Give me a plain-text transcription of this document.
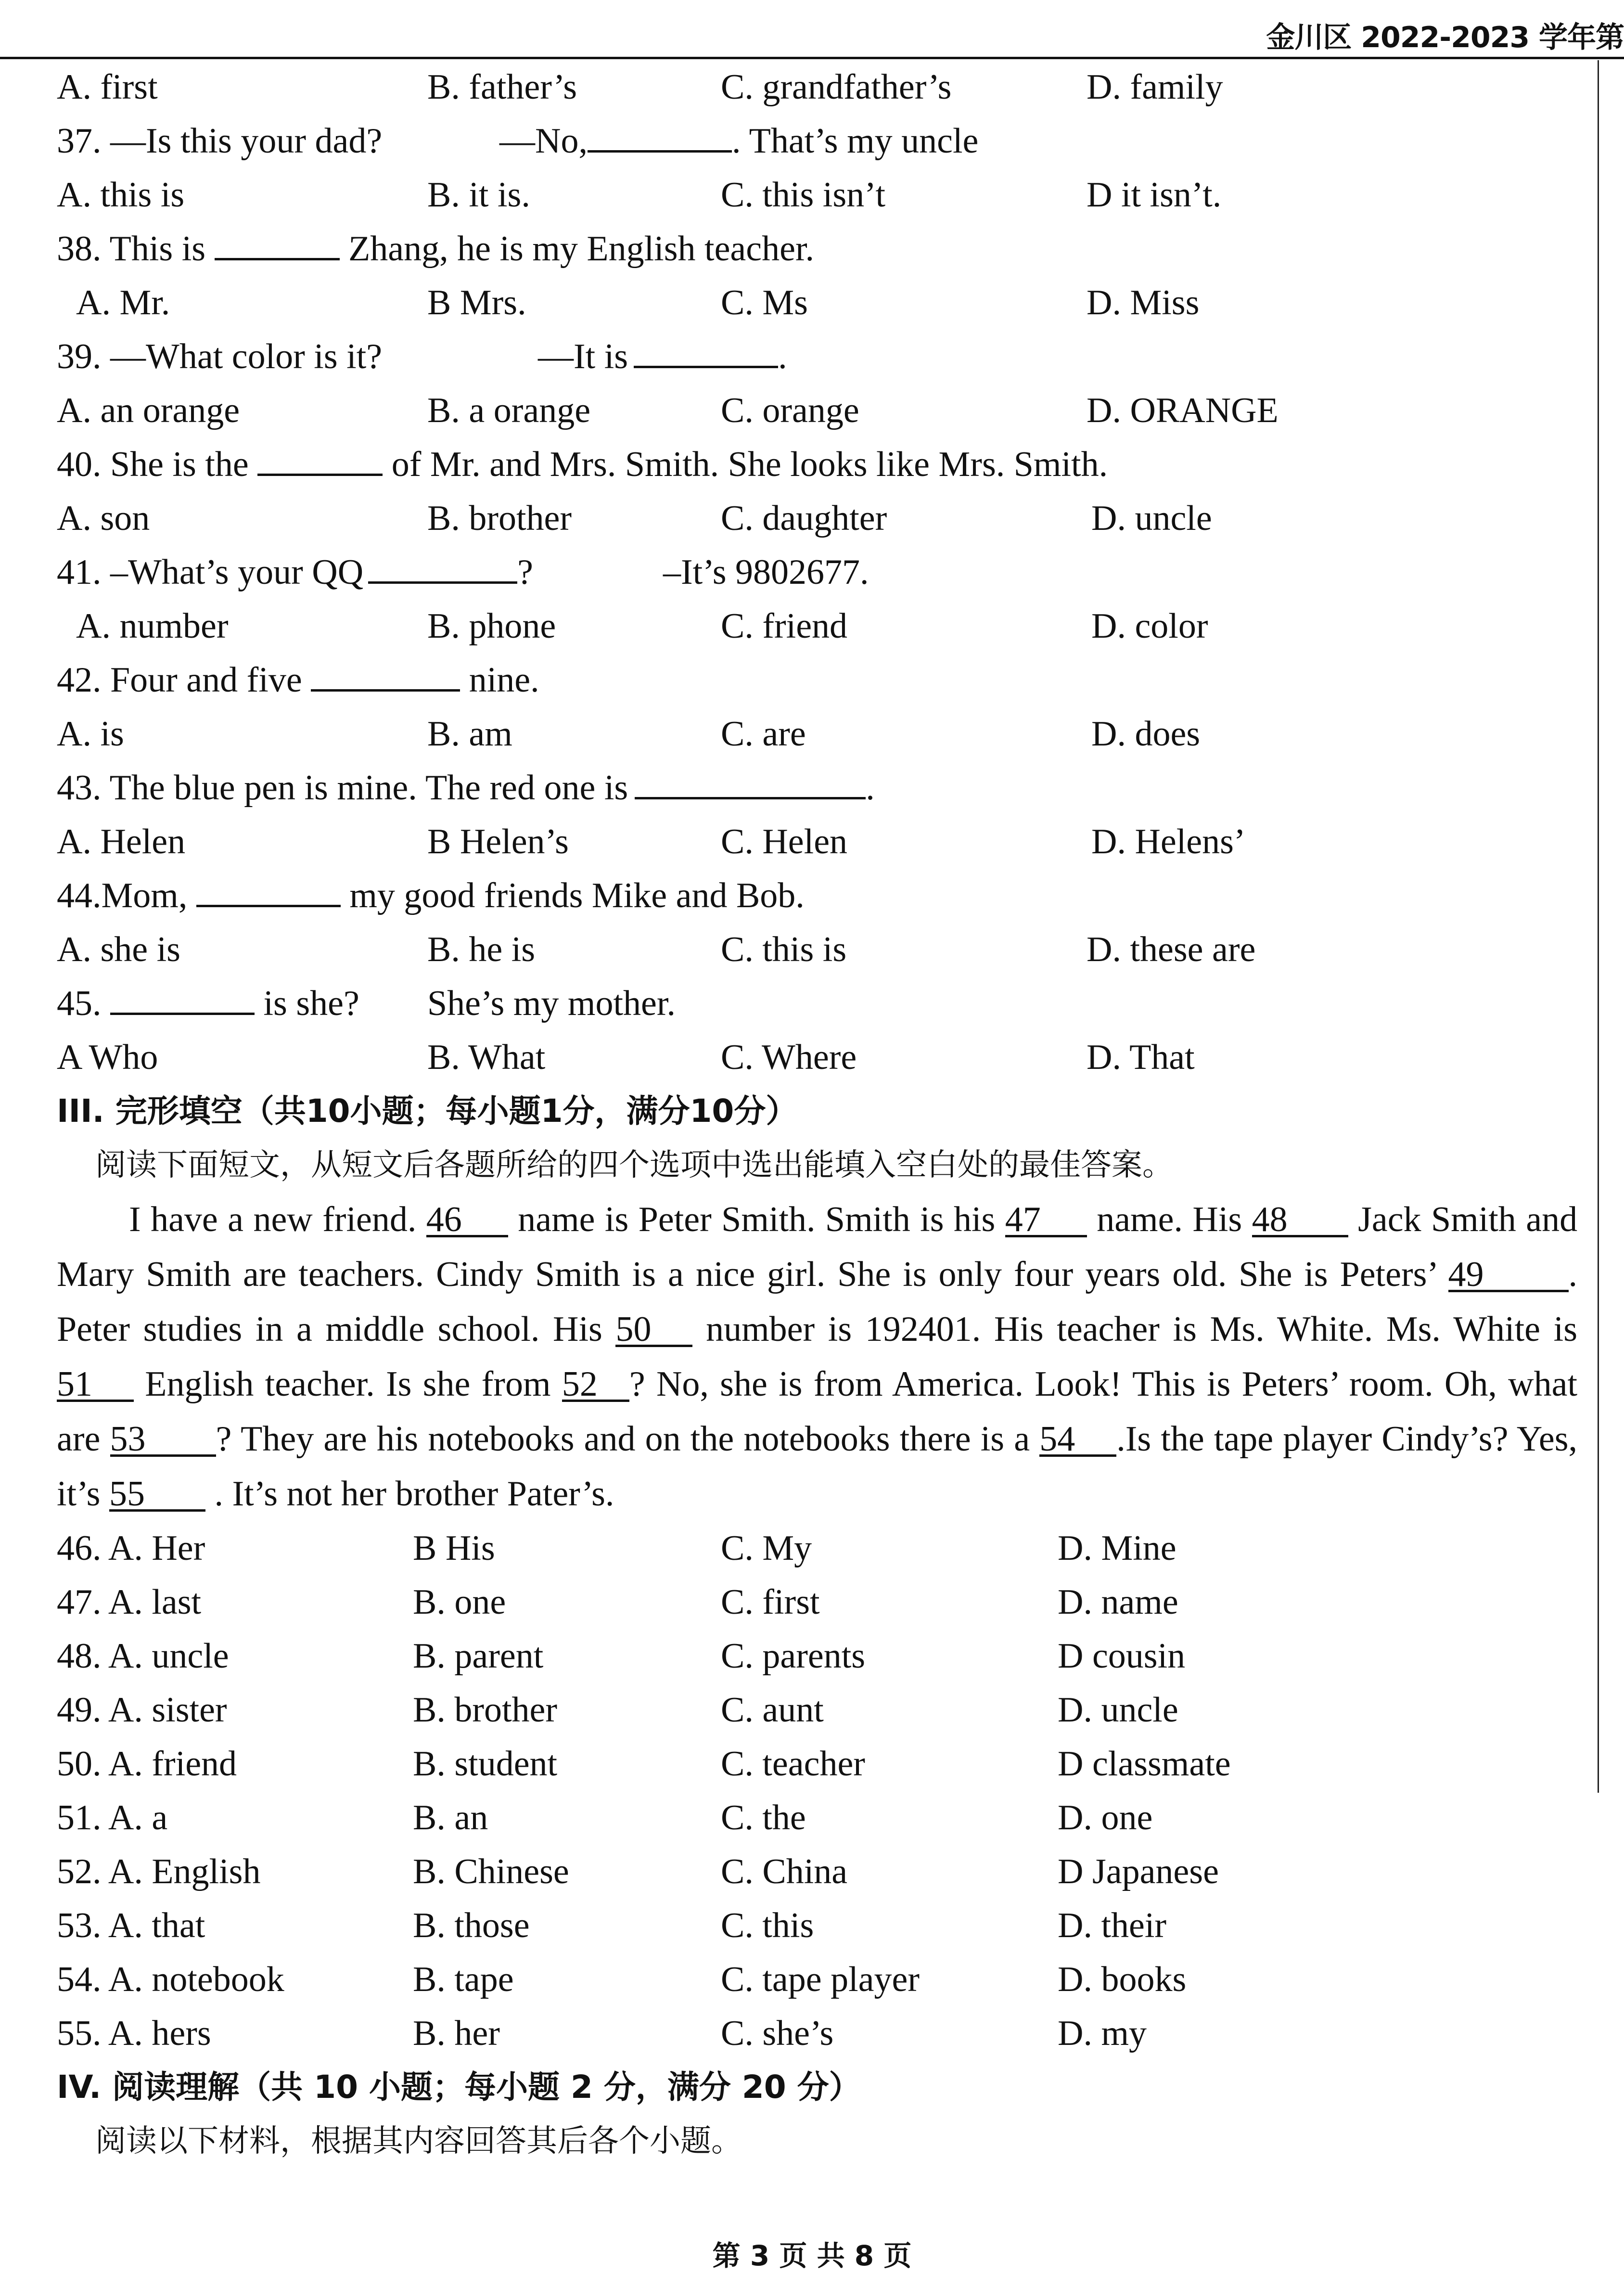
金川区 2022-2023 学年第
A. first	B. father’s	C. grandfather’s	D. family
37. —Is this your dad?	—No,	. That’s my uncle
A. this is	B. it is.	C. this isn’t	D it isn’t.
38. This is	Zhang, he is my English teacher.
A. Mr.	B Mrs.	C. Ms	D. Miss
39. —What color is it?	—It is	.
A. an orange	B. a orange	C. orange	D. ORANGE
40. She is the	of Mr. and Mrs. Smith. She looks like Mrs. Smith.
A. son	B. brother	C. daughter	D. uncle
41. –What’s your QQ	?	–It’s 9802677.
A. number	B. phone	C. friend	D. color
42. Four and five	nine.
A. is	B. am	C. are	D. does
43. The blue pen is mine. The red one is	.
A. Helen	B Helen’s	C. Helen	D. Helens’
44.Mom,	my good friends Mike and Bob.
A. she is	B. he is	C. this is	D. these are
45.	is she? She’s my mother.
A Who	B. What	C. Where	D. That
III. 完形填空（共10小题；每小题1分，满分10分）
阅读下面短文，从短文后各题所给的四个选项中选出能填入空白处的最佳答案。
I have a new friend. 46 name is Peter Smith. Smith is his 47 name. His 48 Jack Smith and Mary Smith are teachers. Cindy Smith is a nice girl. She is only four years old. She is Peters’ 49 . Peter studies in a middle school. His 50 number is 192401. His teacher is Ms. White. Ms. White is 51 English teacher. Is she from 52 ? No, she is from America. Look! This is Peters’ room. Oh, what are 53 ? They are his notebooks and on the notebooks there is a 54 .Is the tape player Cindy’s? Yes, it’s 55 . It’s not her brother Pater’s.
46. A. Her	B His	C. My	D. Mine
47. A. last	B. one	C. first	D. name
48. A. uncle	B. parent	C. parents	D cousin
49. A. sister	B. brother	C. aunt	D. uncle
50. A. friend	B. student	C. teacher	D classmate
51. A. a	B. an	C. the	D. one
52. A. English	B. Chinese	C. China	D Japanese
53. A. that	B. those	C. this	D. their
54. A. notebook	B. tape	C. tape player	D. books
55. A. hers	B. her	C. she’s	D. my
IV. 阅读理解（共 10 小题；每小题 2 分，满分 20 分）
阅读以下材料，根据其内容回答其后各个小题。
第 3 页 共 8 页
